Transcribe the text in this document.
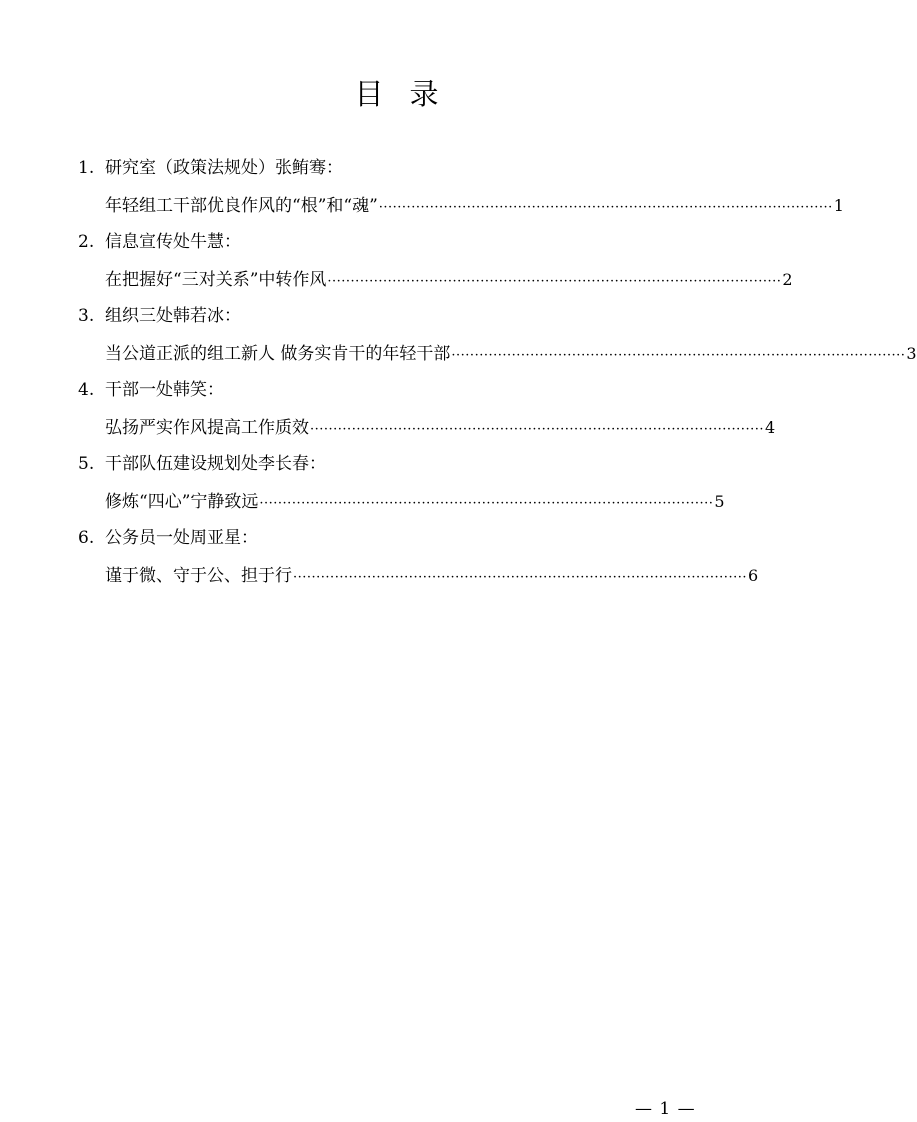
目 录
1. 研究室（政策法规处）张鲔骞：
年轻组工干部优良作风的“根”和“魂” ·································································································· 1
2. 信息宣传处牛慧：
在把握好“三对关系”中转作风 ·································································································· 2
3. 组织三处韩若冰：
当公道正派的组工新人 做务实肯干的年轻干部 ·································································································· 3
4. 干部一处韩笑：
弘扬严实作风提高工作质效 ·································································································· 4
5. 干部队伍建设规划处李长春：
修炼“四心”宁静致远 ·································································································· 5
6. 公务员一处周亚星：
谨于微、守于公、担于行 ·································································································· 6
— 1 —
